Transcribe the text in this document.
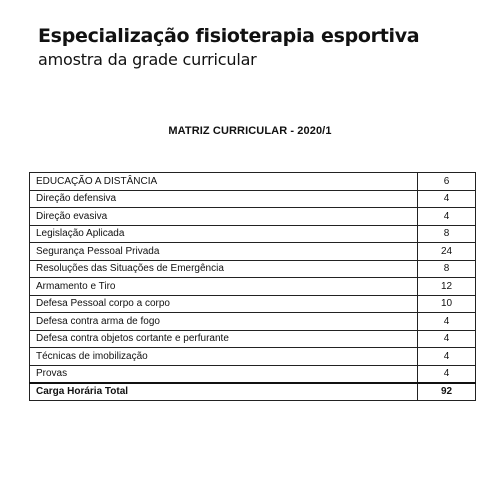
Especialização fisioterapia esportiva
amostra da grade curricular
MATRIZ CURRICULAR - 2020/1
EDUCAÇÃO A DISTÂNCIA	6
Direção defensiva	4
Direção evasiva	4
Legislação Aplicada	8
Segurança Pessoal Privada	24
Resoluções das Situações de Emergência	8
Armamento e Tiro	12
Defesa Pessoal corpo a corpo	10
Defesa contra arma de fogo	4
Defesa contra objetos cortante e perfurante	4
Técnicas de imobilização	4
Provas	4
Carga Horária Total	92
